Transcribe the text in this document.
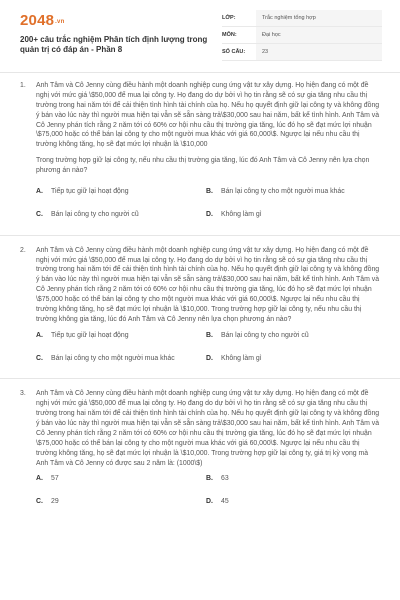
2048.vn
200+ câu trắc nghiệm Phân tích định lượng trong quản trị có đáp án - Phần 8
LỚP:	Trắc nghiệm tổng hợp
MÔN:	Đại học
SỐ CÂU:	23
1.	Anh Tâm và Cô Jenny cùng điều hành một doanh nghiệp cung ứng vật tư xây dựng. Họ hiện đang có một đề nghị với mức giá \$50,000 để mua lại công ty. Họ đang do dự bởi vì họ tin rằng sẽ có sự gia tăng nhu cầu thị trường trong hai năm tới để cải thiện tình hình tài chính của họ. Nếu họ quyết định giữ lại công ty và không đồng ý bán vào lúc này thì người mua hiện tại vẫn sẽ sẵn sàng trả\$30,000 sau hai năm, bất kể tình hình. Anh Tâm và Cô Jenny phán tích rằng 2 năm tới có 60% cơ hội nhu cầu thị trường gia tăng, lúc đó họ sẽ đạt mức lợi nhuận \$75,000 hoặc có thể bán lại công ty cho một người mua khác với giá 60,000\$. Ngược lại nếu nhu cầu thị trường không tăng, họ sẽ đạt mức lợi nhuận là \$10,000

Trong trường hợp giữ lại công ty, nếu nhu cầu thị trường gia tăng, lúc đó Anh Tâm và Cô Jenny nên lựa chọn phương án nào?

A. Tiếp tục giữ lại hoạt động	B. Bán lại công ty cho một người mua khác
C. Bán lại công ty cho người cũ	D. Không làm gì
2.	Anh Tâm và Cô Jenny cùng điều hành một doanh nghiệp cung ứng vật tư xây dựng. Họ hiện đang có một đề nghị với mức giá \$50,000 để mua lại công ty. Họ đang do dự bởi vì họ tin rằng sẽ có sự gia tăng nhu cầu thị trường trong hai năm tới để cải thiện tình hình tài chính của họ. Nếu họ quyết định giữ lại công ty và không đồng ý bán vào lúc này thì người mua hiện tại vẫn sẽ sẵn sàng trả\$30,000 sau hai năm, bất kể tình hình. Anh Tâm và Cô Jenny phán tích rằng 2 năm tới có 60% cơ hội nhu cầu thị trường gia tăng, lúc đó họ sẽ đạt mức lợi nhuận \$75,000 hoặc có thể bán lại công ty cho một người mua khác với giá 60,000\$. Ngược lại nếu nhu cầu thị trường không tăng, họ sẽ đạt mức lợi nhuận là \$10,000. Trong trường hợp giữ lại công ty, nếu nhu cầu thị trường không gia tăng, lúc đó Anh Tâm và Cô Jenny nên lựa chọn phương án nào?

A. Tiếp tục giữ lại hoạt động	B. Bán lại công ty cho người cũ
C. Bán lại công ty cho một người mua khác	D. Không làm gì
3.	Anh Tâm và Cô Jenny cùng điều hành một doanh nghiệp cung ứng vật tư xây dựng. Họ hiện đang có một đề nghị với mức giá \$50,000 để mua lại công ty. Họ đang do dự bởi vì họ tin rằng sẽ có sự gia tăng nhu cầu thị trường trong hai năm tới để cải thiện tình hình tài chính của họ. Nếu họ quyết định giữ lại công ty và không đồng ý bán vào lúc này thì người mua hiện tại vẫn sẽ sẵn sàng trả\$30,000 sau hai năm, bất kể tình hình. Anh Tâm và Cô Jenny phán tích rằng 2 năm tới có 60% cơ hội nhu cầu thị trường gia tăng, lúc đó họ sẽ đạt mức lợi nhuận \$75,000 hoặc có thể bán lại công ty cho một người mua khác với giá 60,000\$. Ngược lại nếu nhu cầu thị trường không tăng, họ sẽ đạt mức lợi nhuận là \$10,000. Trong trường hợp giữ lại công ty, giá trị kỳ vọng mà Anh Tâm và Cô Jenny có được sau 2 năm là: (1000\$)

A. 57	B. 63
C. 29	D. 45
